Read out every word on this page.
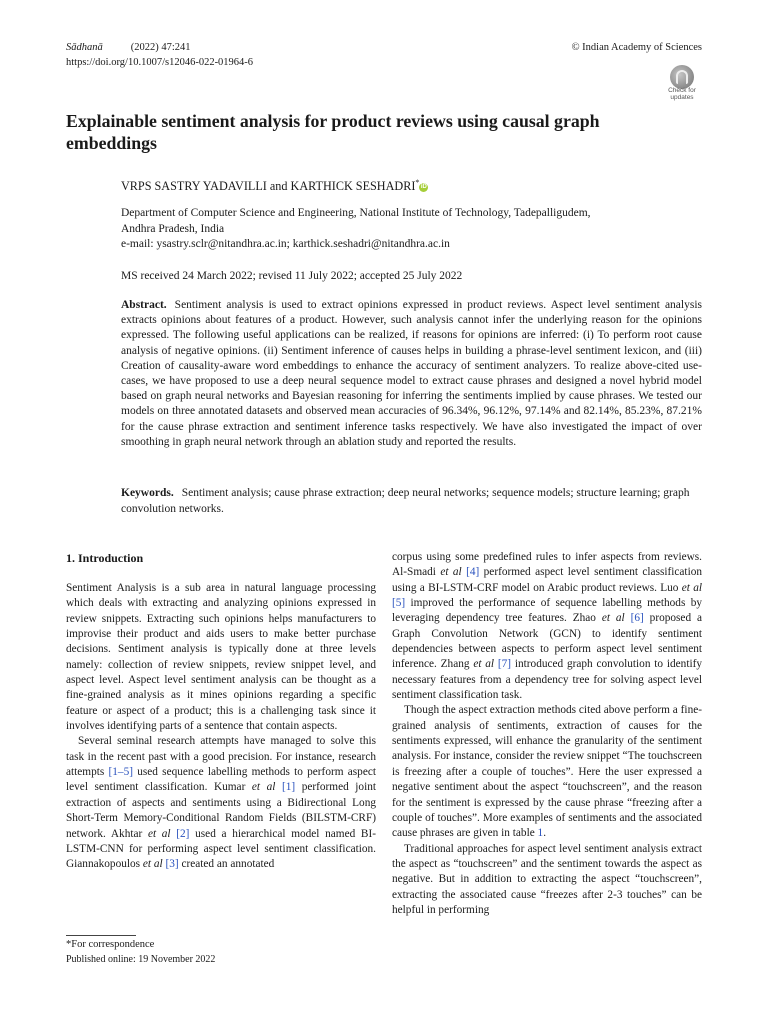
Sādhanā	(2022) 47:241
https://doi.org/10.1007/s12046-022-01964-6
© Indian Academy of Sciences
Check for updates
Explainable sentiment analysis for product reviews using causal graph embeddings
VRPS SASTRY YADAVILLI and KARTHICK SESHADRI*iD
Department of Computer Science and Engineering, National Institute of Technology, Tadepalligudem,
Andhra Pradesh, India
e-mail: ysastry.sclr@nitandhra.ac.in; karthick.seshadri@nitandhra.ac.in
MS received 24 March 2022; revised 11 July 2022; accepted 25 July 2022
Abstract. Sentiment analysis is used to extract opinions expressed in product reviews. Aspect level sentiment analysis extracts opinions about features of a product. However, such analysis cannot infer the underlying reason for the opinions expressed. The following useful applications can be realized, if reasons for opinions are inferred: (i) To perform root cause analysis of negative opinions. (ii) Sentiment inference of causes helps in building a phrase-level sentiment lexicon, and (iii) Creation of causality-aware word embeddings to enhance the accuracy of sentiment analyzers. To realize above-cited use-cases, we have proposed to use a deep neural sequence model to extract cause phrases and designed a novel hybrid model based on graph neural networks and Bayesian reasoning for inferring the sentiments implied by cause phrases. We tested our models on three annotated datasets and observed mean accuracies of 96.34%, 96.12%, 97.14% and 82.14%, 85.23%, 87.21% for the cause phrase extraction and sentiment inference tasks respectively. We have also investigated the impact of over smoothing in graph neural network through an ablation study and reported the results.
Keywords. Sentiment analysis; cause phrase extraction; deep neural networks; sequence models; structure learning; graph convolution networks.
1. Introduction

Sentiment Analysis is a sub area in natural language processing which deals with extracting and analyzing opinions expressed in review snippets. Extracting such opinions helps manufacturers to improvise their product and aids users to make better purchase decisions. Sentiment analysis is typically done at three levels namely: collection of review snippets, review snippet level, and aspect level. Aspect level sentiment analysis can be thought as a fine-grained analysis as it mines opinions regarding a specific feature or aspect of a product; this is a challenging task since it involves identifying parts of a sentence that contain aspects.

Several seminal research attempts have managed to solve this task in the recent past with a good precision. For instance, research attempts [1–5] used sequence labelling methods to perform aspect level sentiment classification. Kumar et al [1] performed joint extraction of aspects and sentiments using a Bidirectional Long Short-Term Memory-Conditional Random Fields (BILSTM-CRF) network. Akhtar et al [2] used a hierarchical model named BI-LSTM-CNN for performing aspect level sentiment classification. Giannakopoulos et al [3] created an annotated

corpus using some predefined rules to infer aspects from reviews. Al-Smadi et al [4] performed aspect level sentiment classification using a BI-LSTM-CRF model on Arabic product reviews. Luo et al [5] improved the performance of sequence labelling methods by leveraging dependency tree features. Zhao et al [6] proposed a Graph Convolution Network (GCN) to identify sentiment dependencies between aspects to perform aspect level sentiment inference. Zhang et al [7] introduced graph convolution to identify necessary features from a dependency tree for solving aspect level sentiment classification task.

Though the aspect extraction methods cited above perform a fine-grained analysis of sentiments, extraction of causes for the sentiments expressed, will enhance the granularity of the sentiment analysis. For instance, consider the review snippet “The touchscreen is freezing after a couple of touches”. Here the user expressed a negative sentiment about the aspect “touchscreen”, and the reason for the sentiment is expressed by the cause phrase “freezing after a couple of touches”. More examples of sentiments and the associated cause phrases are given in table 1.

Traditional approaches for aspect level sentiment analysis extract the aspect as “touchscreen” and the sentiment towards the aspect as negative. But in addition to extracting the aspect “touchscreen”, extracting the associated cause “freezes after 2-3 touches” can be helpful in performing

*For correspondence
Published online: 19 November 2022
